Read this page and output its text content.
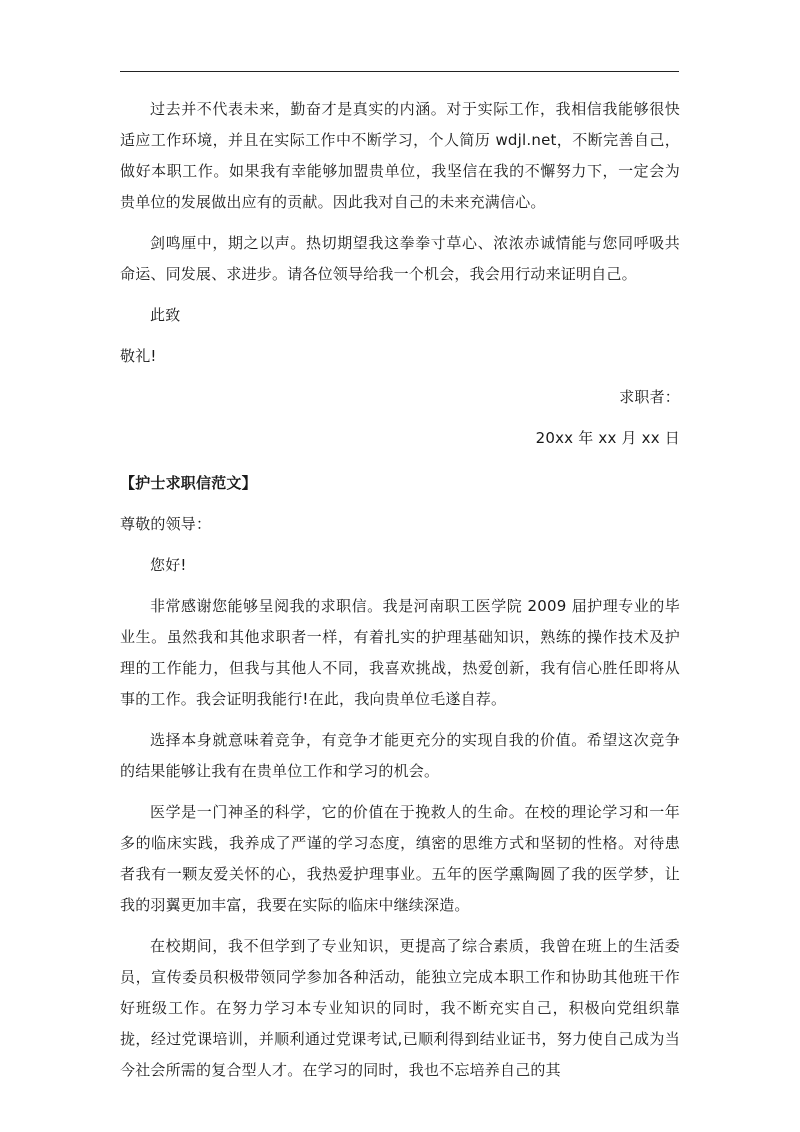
过去并不代表未来，勤奋才是真实的内涵。对于实际工作，我相信我能够很快适应工作环境，并且在实际工作中不断学习，个人简历 wdjl.net，不断完善自己，做好本职工作。如果我有幸能够加盟贵单位，我坚信在我的不懈努力下，一定会为贵单位的发展做出应有的贡献。因此我对自己的未来充满信心。

剑鸣厘中，期之以声。热切期望我这拳拳寸草心、浓浓赤诚情能与您同呼吸共命运、同发展、求进步。请各位领导给我一个机会，我会用行动来证明自己。

此致

敬礼!

求职者：

20xx 年 xx 月 xx 日

【护士求职信范文】

尊敬的领导：

您好!

非常感谢您能够呈阅我的求职信。我是河南职工医学院 2009 届护理专业的毕业生。虽然我和其他求职者一样，有着扎实的护理基础知识，熟练的操作技术及护理的工作能力，但我与其他人不同，我喜欢挑战，热爱创新，我有信心胜任即将从事的工作。我会证明我能行!在此，我向贵单位毛遂自荐。

选择本身就意味着竞争，有竞争才能更充分的实现自我的价值。希望这次竞争的结果能够让我有在贵单位工作和学习的机会。

医学是一门神圣的科学，它的价值在于挽救人的生命。在校的理论学习和一年多的临床实践，我养成了严谨的学习态度，缜密的思维方式和坚韧的性格。对待患者我有一颗友爱关怀的心，我热爱护理事业。五年的医学熏陶圆了我的医学梦，让我的羽翼更加丰富，我要在实际的临床中继续深造。

在校期间，我不但学到了专业知识，更提高了综合素质，我曾在班上的生活委员，宣传委员积极带领同学参加各种活动，能独立完成本职工作和协助其他班干作好班级工作。在努力学习本专业知识的同时，我不断充实自己，积极向党组织靠拢，经过党课培训，并顺利通过党课考试,已顺利得到结业证书，努力使自己成为当今社会所需的复合型人才。在学习的同时，我也不忘培养自己的其
